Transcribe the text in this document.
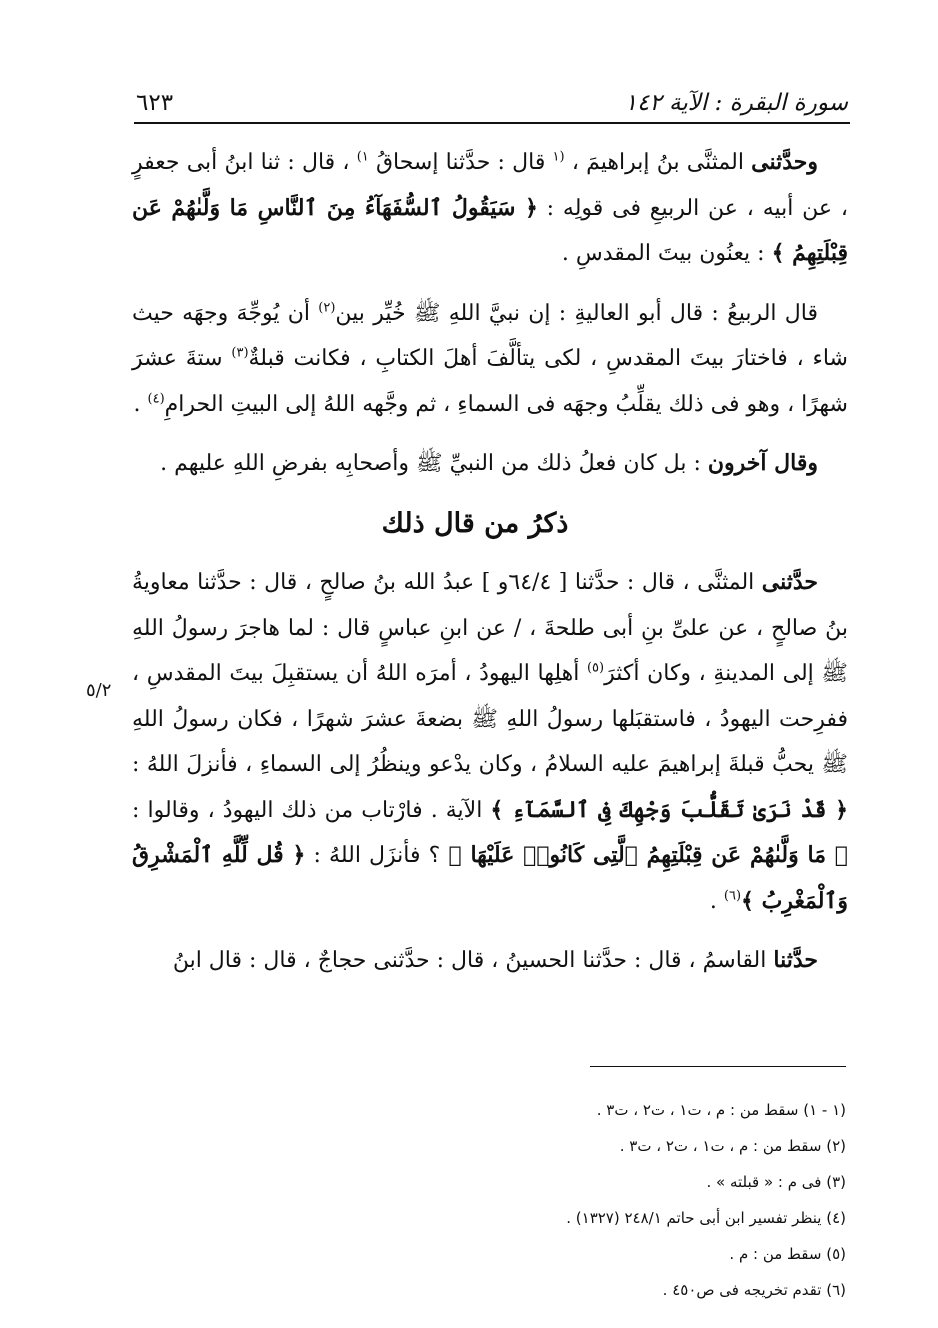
سورة البقرة : الآية ١٤٢
٦٢٣

وحدَّثنى المثنَّى بنُ إبراهيمَ ، $^{(١}$ قال : حدَّثنا إسحاقُ $^{١)}$ ، قال : ثنا ابنُ أبى جعفرٍ ، عن أبيه ، عن الربيعِ فى قولِه : ﴿ سَيَقُولُ ٱلسُّفَهَآءُ مِنَ ٱلنَّاسِ مَا وَلَّىٰهُمْ عَن قِبْلَتِهِمُ ﴾ : يعنُون بيتَ المقدسِ .

قال الربيعُ : قال أبو العاليةِ : إن نبيَّ اللهِ ﷺ خُيِّر بين$^{(٢)}$ أن يُوجِّهَ وجهَه حيث شاء ، فاختارَ بيتَ المقدسِ ، لكى يتألَّفَ أهلَ الكتابِ ، فكانت قبلةٌ$^{(٣)}$ ستةَ عشرَ شهرًا ، وهو فى ذلك يقلِّبُ وجهَه فى السماءِ ، ثم وجَّهه اللهُ إلى البيتِ الحرامِ$^{(٤)}$ .

وقال آخرون : بل كان فعلُ ذلك من النبيِّ ﷺ وأصحابِه بفرضِ اللهِ عليهم .

ذكرُ من قال ذلك

حدَّثنى المثنَّى ، قال : حدَّثنا [ ٦٤/٤و ] عبدُ الله بنُ صالحٍ ، قال : حدَّثنا معاويةُ بنُ صالحٍ ، عن علىِّ بنِ أبى طلحةَ ، / عن ابنِ عباسٍ قال : لما هاجرَ رسولُ اللهِ ﷺ إلى المدينةِ ، وكان أكثرَ$^{(٥)}$ أهلِها اليهودُ ، أمرَه اللهُ أن يستقبِلَ بيتَ المقدسِ ، ففرِحت اليهودُ ، فاستقبَلها رسولُ اللهِ ﷺ بضعةَ عشرَ شهرًا ، فكان رسولُ اللهِ ﷺ يحبُّ قبلةَ إبراهيمَ عليه السلامُ ، وكان يدْعو وينظُرُ إلى السماءِ ، فأنزلَ اللهُ : ﴿ قَدْ نَرَىٰ تَقَلُّبَ وَجْهِكَ فِى ٱلسَّمَآءِ ﴾ الآية . فارْتاب من ذلك اليهودُ ، وقالوا : ﴿ مَا وَلَّىٰهُمْ عَن قِبْلَتِهِمُ ٱلَّتِى كَانُوا۟ عَلَيْهَا ﴾ ؟ فأنزَل اللهُ : ﴿ قُل لِّلَّهِ ٱلْمَشْرِقُ وَٱلْمَغْرِبُ ﴾$^{(٦)}$ .

حدَّثنا القاسمُ ، قال : حدَّثنا الحسينُ ، قال : حدَّثنى حجاجٌ ، قال : قال ابنُ

٥/٢
(١ - ١) سقط من : م ، ت١ ، ت٢ ، ت٣ .
(٢) سقط من : م ، ت١ ، ت٢ ، ت٣ .
(٣) فى م : « قبلته » .
(٤) ينظر تفسير ابن أبى حاتم ٢٤٨/١ (١٣٢٧) .
(٥) سقط من : م .
(٦) تقدم تخريجه فى ص٤٥٠ .
